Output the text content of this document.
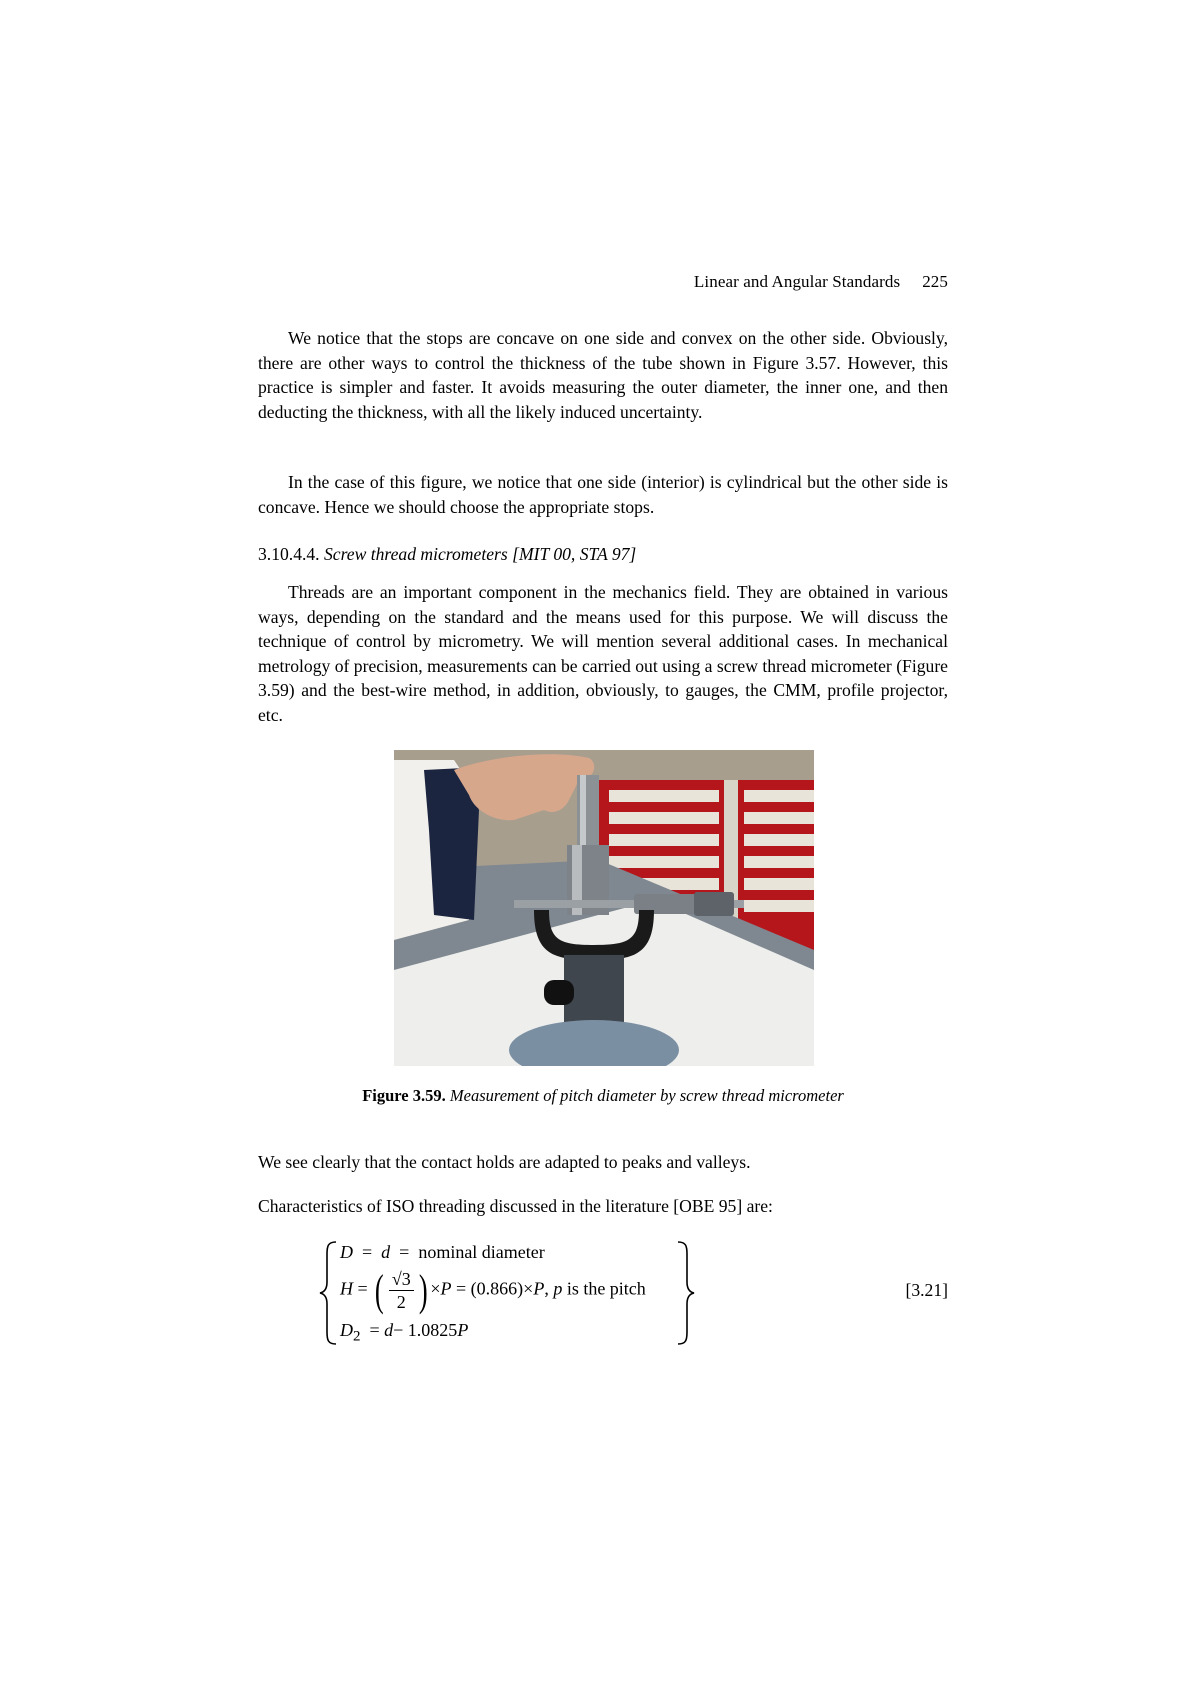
Linear and Angular Standards 225

We notice that the stops are concave on one side and convex on the other side. Obviously, there are other ways to control the thickness of the tube shown in Figure 3.57. However, this practice is simpler and faster. It avoids measuring the outer diameter, the inner one, and then deducting the thickness, with all the likely induced uncertainty.

In the case of this figure, we notice that one side (interior) is cylindrical but the other side is concave. Hence we should choose the appropriate stops.

3.10.4.4. Screw thread micrometers [MIT 00, STA 97]

Threads are an important component in the mechanics field. They are obtained in various ways, depending on the standard and the means used for this purpose. We will discuss the technique of control by micrometry. We will mention several additional cases. In mechanical metrology of precision, measurements can be carried out using a screw thread micrometer (Figure 3.59) and the best-wire method, in addition, obviously, to gauges, the CMM, profile projector, etc.

Figure 3.59. Measurement of pitch diameter by screw thread micrometer

We see clearly that the contact holds are adapted to peaks and valleys.

Characteristics of ISO threading discussed in the literature [OBE 95] are:

D = d = nominal diameter
H = ( $\frac{√3}{2}$ ) ×P = (0.866)×P, p is the pitch
$D_2 = d- 1.0825P$
[3.21]
